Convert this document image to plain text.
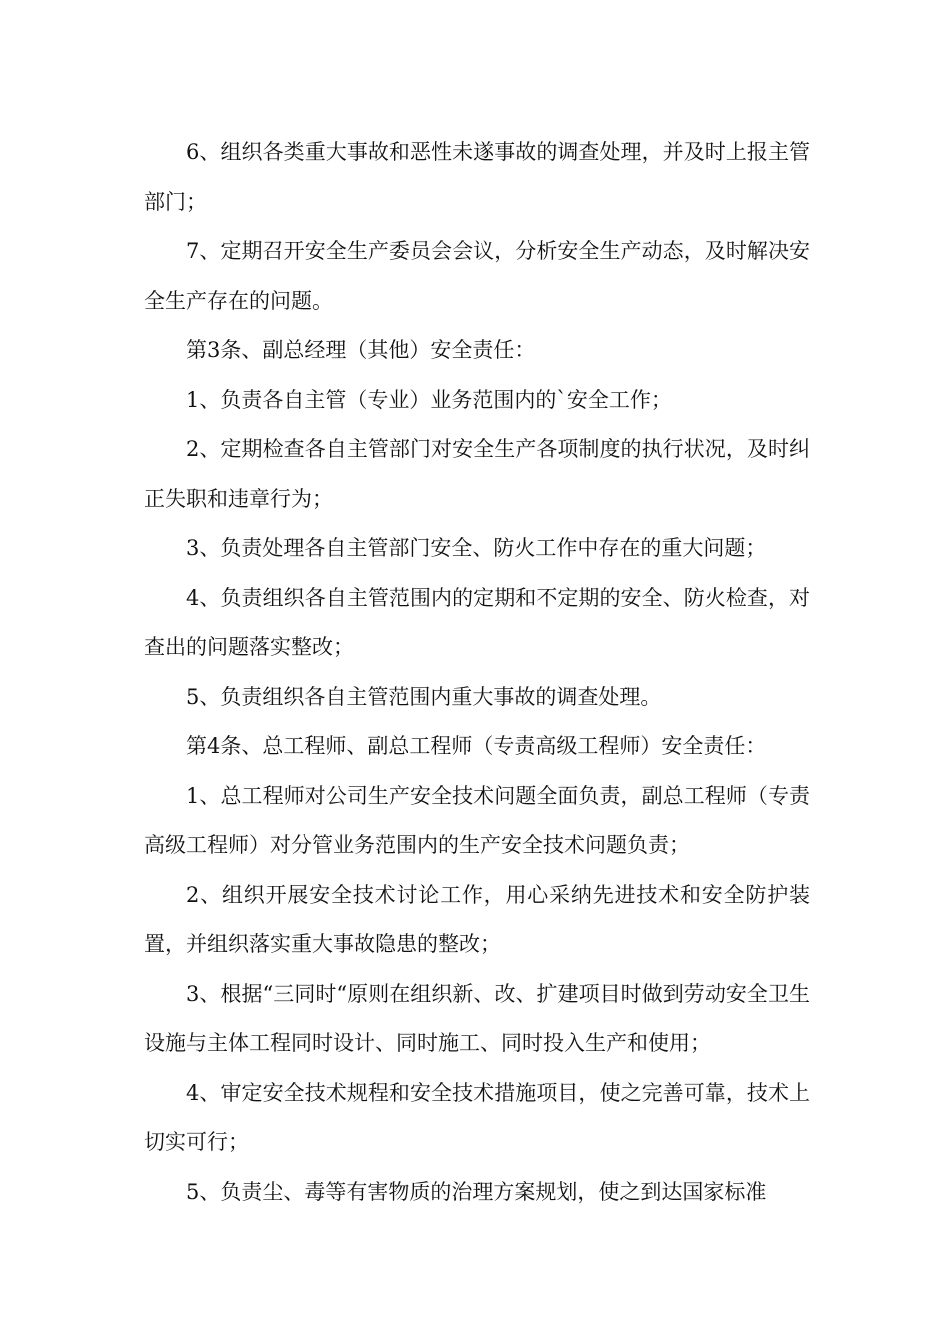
6、组织各类重大事故和恶性未遂事故的调查处理，并及时上报主管部门；

7、定期召开安全生产委员会会议，分析安全生产动态，及时解决安全生产存在的问题。

第3条、副总经理（其他）安全责任：

1、负责各自主管（专业）业务范围内的`安全工作；

2、定期检查各自主管部门对安全生产各项制度的执行状况，及时纠正失职和违章行为；

3、负责处理各自主管部门安全、防火工作中存在的重大问题；

4、负责组织各自主管范围内的定期和不定期的安全、防火检查，对查出的问题落实整改；

5、负责组织各自主管范围内重大事故的调查处理。

第4条、总工程师、副总工程师（专责高级工程师）安全责任：

1、总工程师对公司生产安全技术问题全面负责，副总工程师（专责高级工程师）对分管业务范围内的生产安全技术问题负责；

2、组织开展安全技术讨论工作，用心采纳先进技术和安全防护装置，并组织落实重大事故隐患的整改；

3、根据“三同时“原则在组织新、改、扩建项目时做到劳动安全卫生设施与主体工程同时设计、同时施工、同时投入生产和使用；

4、审定安全技术规程和安全技术措施项目，使之完善可靠，技术上切实可行；

5、负责尘、毒等有害物质的治理方案规划，使之到达国家标准
